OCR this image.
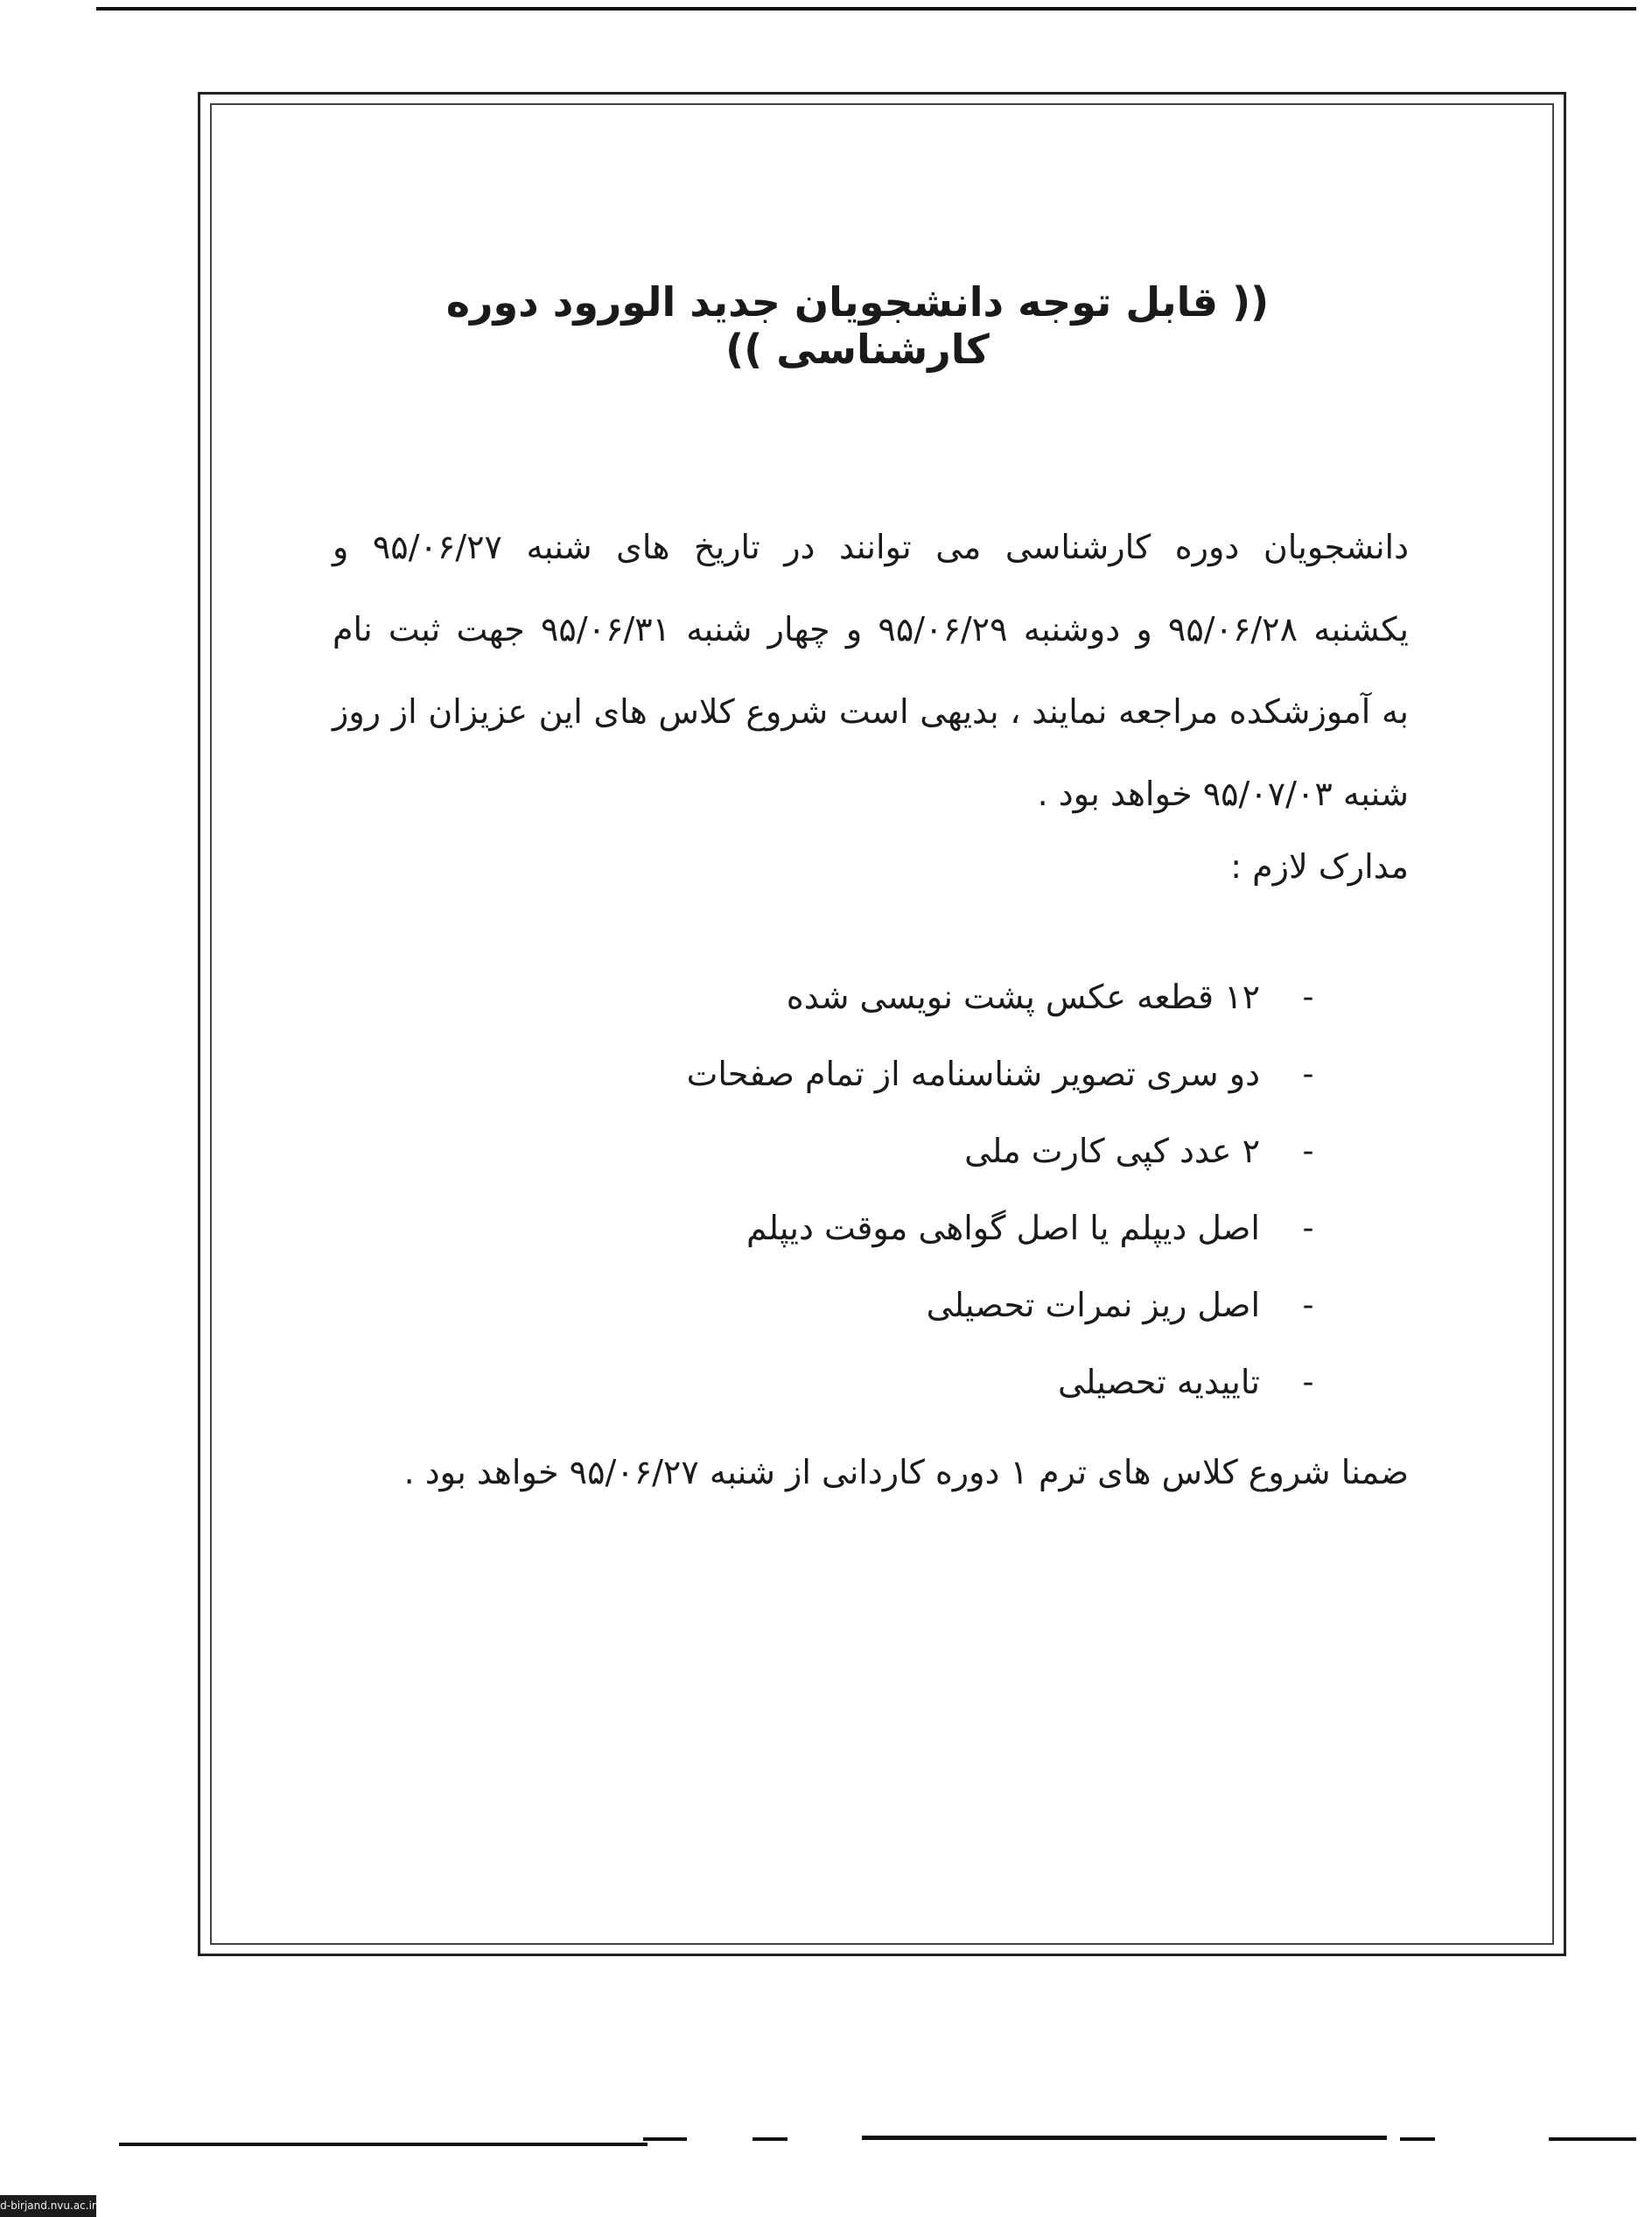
(( قابل توجه دانشجویان جدید الورود دوره کارشناسی ))
دانشجویان دوره کارشناسی می توانند در تاریخ های شنبه ۹۵/۰۶/۲۷ و
یکشنبه ۹۵/۰۶/۲۸ و دوشنبه ۹۵/۰۶/۲۹ و چهار شنبه ۹۵/۰۶/۳۱ جهت ثبت نام
به آموزشکده مراجعه نمایند ، بدیهی است شروع کلاس های این عزیزان از روز
شنبه ۹۵/۰۷/۰۳ خواهد بود .
مدارک لازم :
-
۱۲ قطعه عکس پشت نویسی شده
-
دو سری تصویر شناسنامه از تمام صفحات
-
۲ عدد کپی کارت ملی
-
اصل دیپلم یا اصل گواهی موقت دیپلم
-
اصل ریز نمرات تحصیلی
-
تاییدیه تحصیلی
ضمنا شروع کلاس های ترم ۱ دوره کاردانی از شنبه ۹۵/۰۶/۲۷ خواهد بود .
d-birjand.nvu.ac.ir
